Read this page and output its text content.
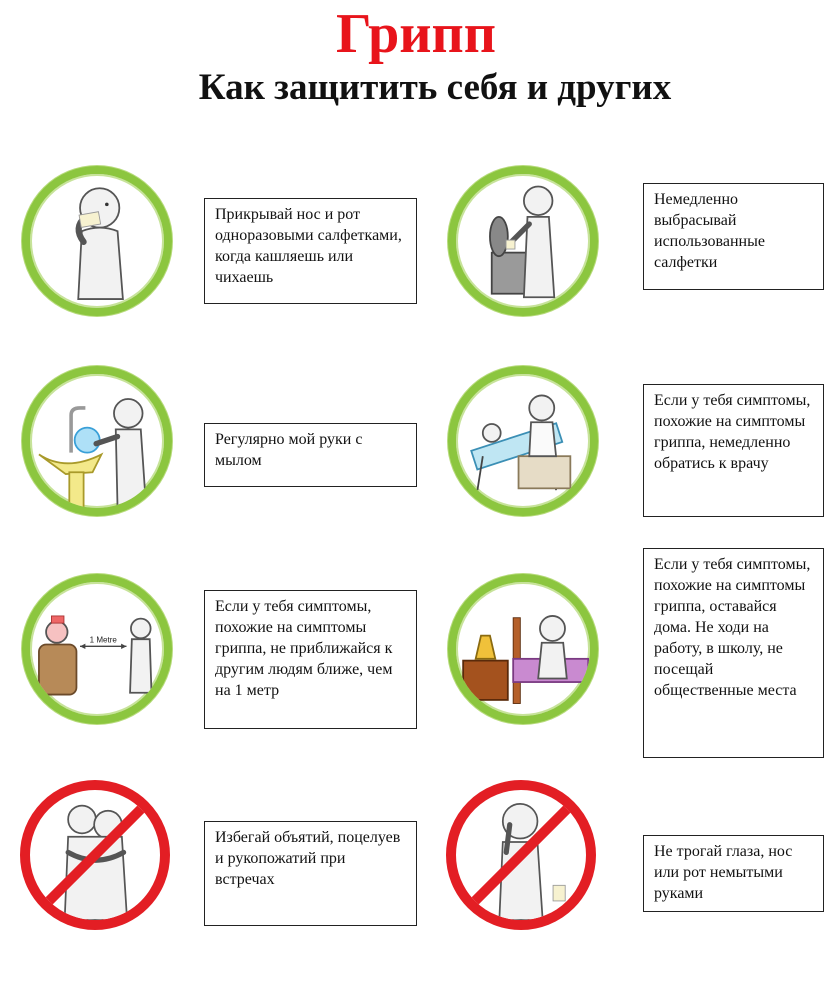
Грипп
Как защитить себя и других
Прикрывай нос и рот одноразовыми салфетками, когда кашляешь или чихаешь
Немедленно выбрасывай использованные салфетки
Регулярно мой руки с мылом
Если у тебя симптомы, похожие на симптомы гриппа, немедленно обратись к врачу
1 Metre
Если у тебя симптомы, похожие на симптомы гриппа, не приближайся к другим людям ближе, чем на 1 метр
Если у тебя симптомы, похожие на симптомы гриппа, оставайся дома. Не ходи на работу, в школу, не посещай общественные места
Избегай объятий, поцелуев и рукопожатий при встречах
Не трогай глаза, нос или рот немытыми руками
